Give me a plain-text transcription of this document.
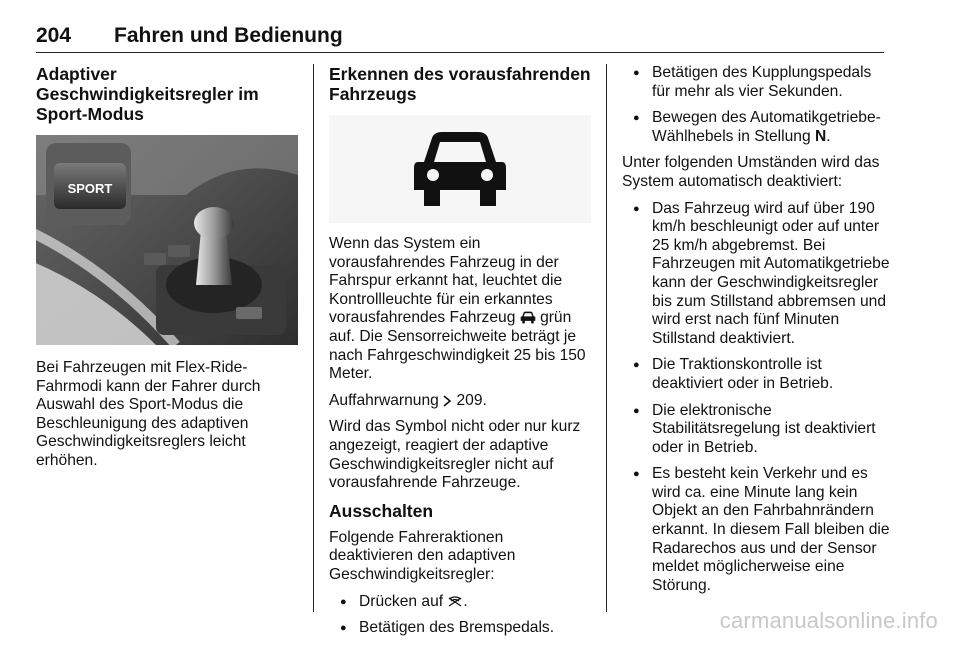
204 Fahren und Bedienung
Adaptiver Geschwindigkeitsregler im Sport-Modus
SPORT

Bei Fahrzeugen mit Flex-Ride-Fahrmodi kann der Fahrer durch Auswahl des Sport-Modus die Beschleunigung des adaptiven Geschwindigkeitsreglers leicht erhöhen.

Erkennen des vorausfahrenden Fahrzeugs

Wenn das System ein vorausfahrendes Fahrzeug in der Fahrspur erkannt hat, leuchtet die Kontrollleuchte für ein erkanntes vorausfahrendes Fahrzeug grün auf. Die Sensorreichweite beträgt je nach Fahrgeschwindigkeit 25 bis 150 Meter.

Auffahrwarnung 209.

Wird das Symbol nicht oder nur kurz angezeigt, reagiert der adaptive Geschwindigkeitsregler nicht auf vorausfahrende Fahrzeuge.

Ausschalten

Folgende Fahreraktionen deaktivieren den adaptiven Geschwindigkeitsregler:

● Drücken auf .
● Betätigen des Bremspedals.
● Betätigen des Kupplungspedals für mehr als vier Sekunden.
● Bewegen des Automatikgetriebe-Wählhebels in Stellung N.

Unter folgenden Umständen wird das System automatisch deaktiviert:

● Das Fahrzeug wird auf über 190 km/h beschleunigt oder auf unter 25 km/h abgebremst. Bei Fahrzeugen mit Automatikgetriebe kann der Geschwindigkeitsregler bis zum Stillstand abbremsen und wird erst nach fünf Minuten Stillstand deaktiviert.
● Die Traktionskontrolle ist deaktiviert oder in Betrieb.
● Die elektronische Stabilitätsregelung ist deaktiviert oder in Betrieb.
● Es besteht kein Verkehr und es wird ca. eine Minute lang kein Objekt an den Fahrbahnrändern erkannt. In diesem Fall bleiben die Radarechos aus und der Sensor meldet möglicherweise eine Störung.
carmanualsonline.info
